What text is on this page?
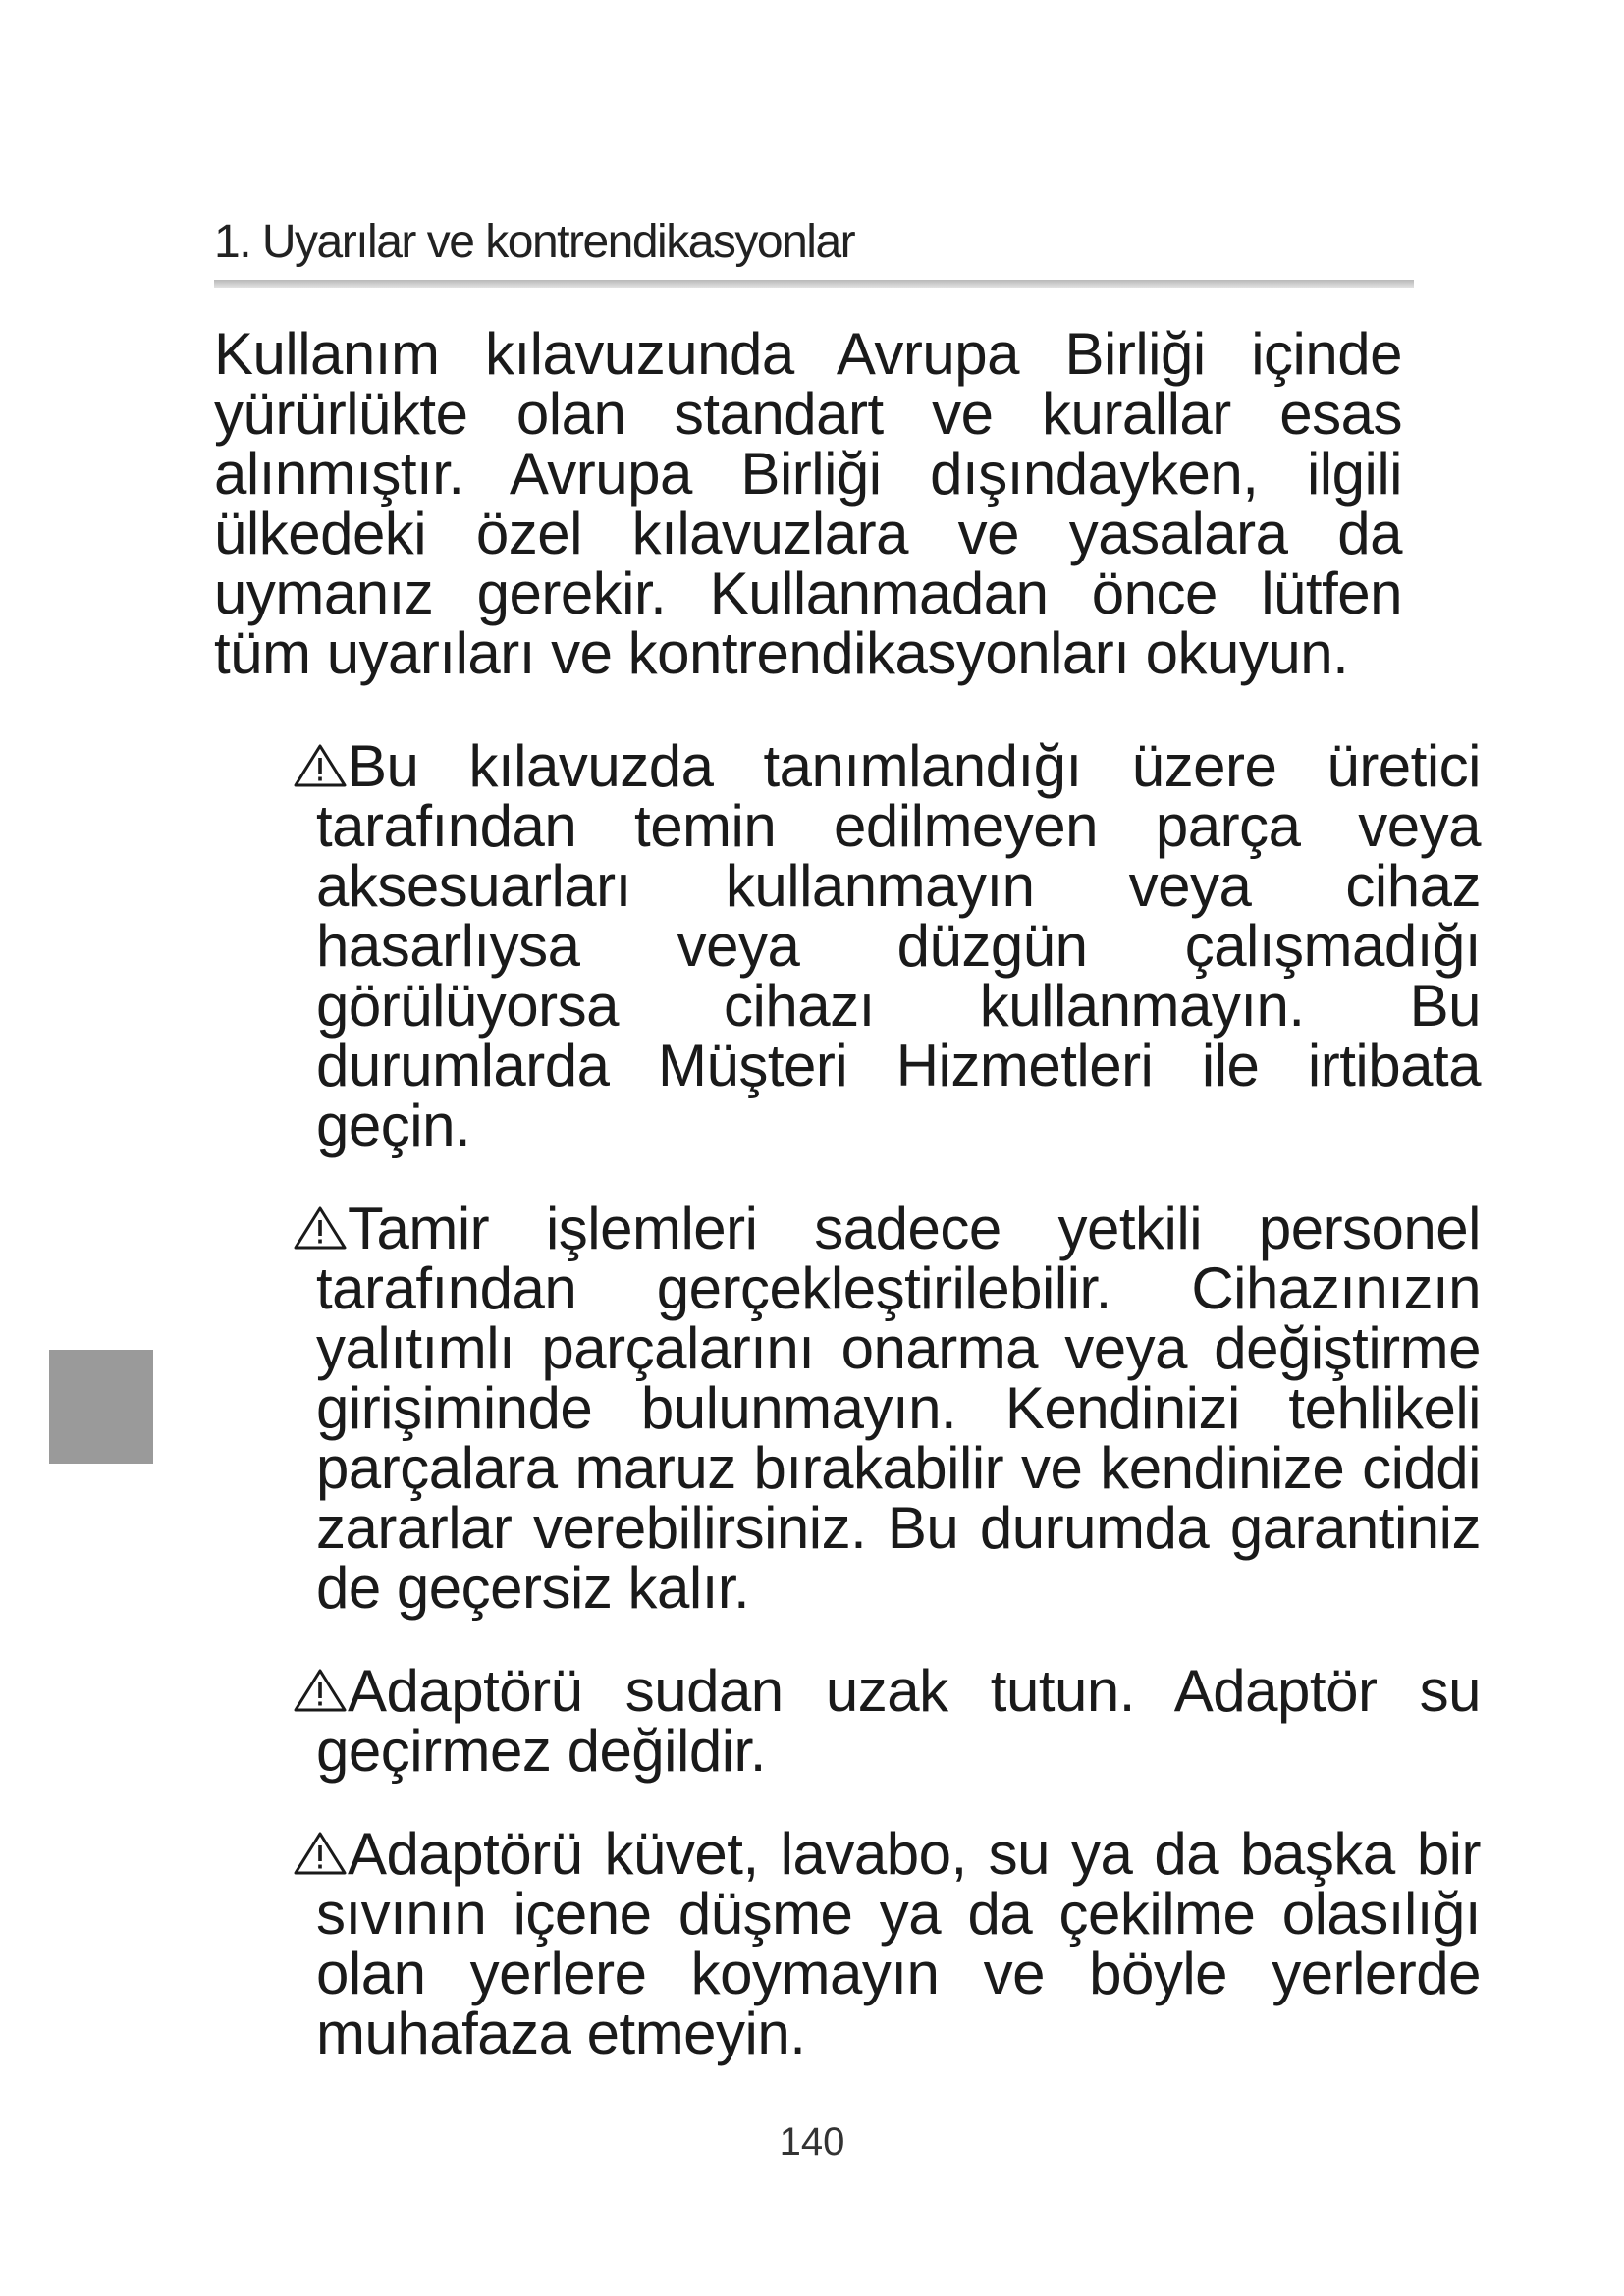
1. Uyarılar ve kontrendikasyonlar

Kullanım kılavuzunda Avrupa Birliği içinde yürürlükte olan standart ve kurallar esas alınmıştır. Avrupa Birliği dışındayken, ilgili ülkedeki özel kılavuzlara ve yasalara da uymanız gerekir. Kullanmadan önce lütfen tüm uyarıları ve kontrendikasyonları okuyun.

Bu kılavuzda tanımlandığı üzere üretici tarafından temin edilmeyen parça veya aksesuarları kullanmayın veya cihaz hasarlıysa veya düzgün çalışmadığı görülüyorsa cihazı kullanmayın. Bu durumlarda Müşteri Hizmetleri ile irtibata geçin.
Tamir işlemleri sadece yetkili personel tarafından gerçekleştirilebilir. Cihazınızın yalıtımlı parçalarını onarma veya değiştirme girişiminde bulunmayın. Kendinizi tehlikeli parçalara maruz bırakabilir ve kendinize ciddi zararlar verebilirsiniz. Bu durumda garantiniz de geçersiz kalır.
Adaptörü sudan uzak tutun. Adaptör su geçirmez değildir.
Adaptörü küvet, lavabo, su ya da başka bir sıvının içene düşme ya da çekilme olasılığı olan yerlere koymayın ve böyle yerlerde muhafaza etmeyin.
140
